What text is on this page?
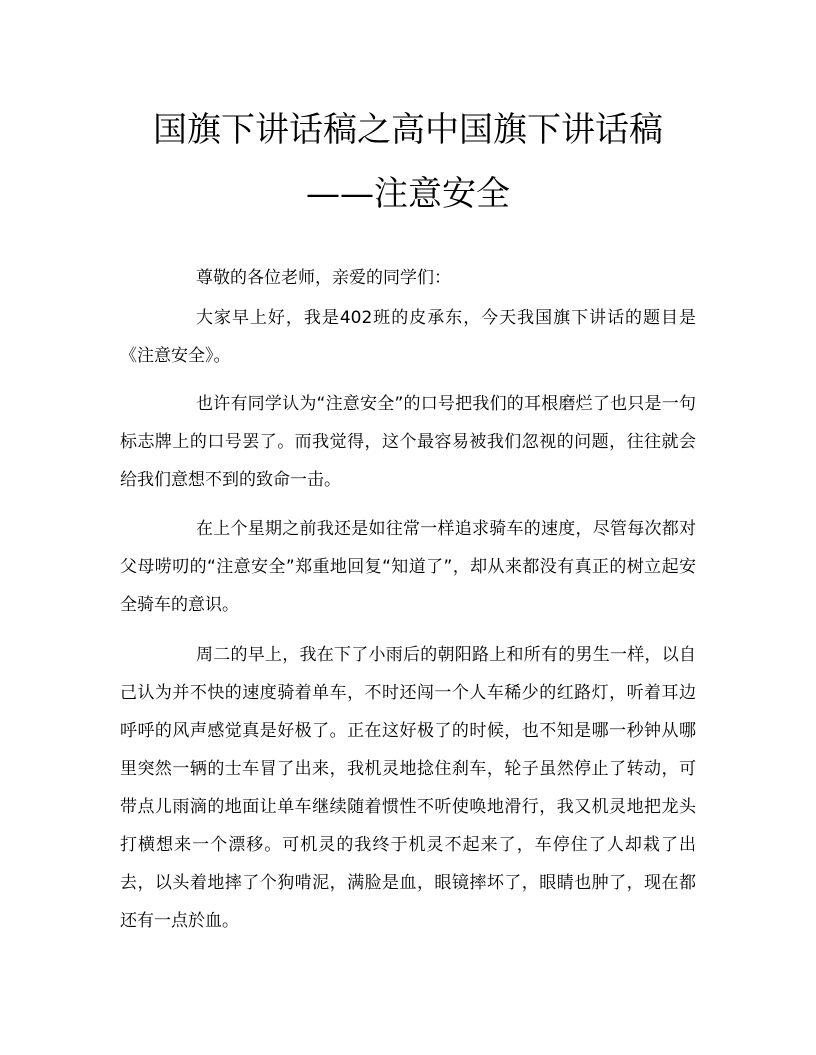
国旗下讲话稿之高中国旗下讲话稿
——注意安全
尊敬的各位老师，亲爱的同学们：
大家早上好，我是402班的皮承东，今天我国旗下讲话的题目是《注意安全》。
也许有同学认为“注意安全”的口号把我们的耳根磨烂了也只是一句标志牌上的口号罢了。而我觉得，这个最容易被我们忽视的问题，往往就会给我们意想不到的致命一击。
在上个星期之前我还是如往常一样追求骑车的速度，尽管每次都对父母唠叨的“注意安全”郑重地回复“知道了”，却从来都没有真正的树立起安全骑车的意识。
周二的早上，我在下了小雨后的朝阳路上和所有的男生一样，以自己认为并不快的速度骑着单车，不时还闯一个人车稀少的红路灯，听着耳边呼呼的风声感觉真是好极了。正在这好极了的时候，也不知是哪一秒钟从哪里突然一辆的士车冒了出来，我机灵地捻住刹车，轮子虽然停止了转动，可带点儿雨滴的地面让单车继续随着惯性不听使唤地滑行，我又机灵地把龙头打横想来一个漂移。可机灵的我终于机灵不起来了，车停住了人却栽了出去，以头着地摔了个狗啃泥，满脸是血，眼镜摔坏了，眼睛也肿了，现在都还有一点於血。
